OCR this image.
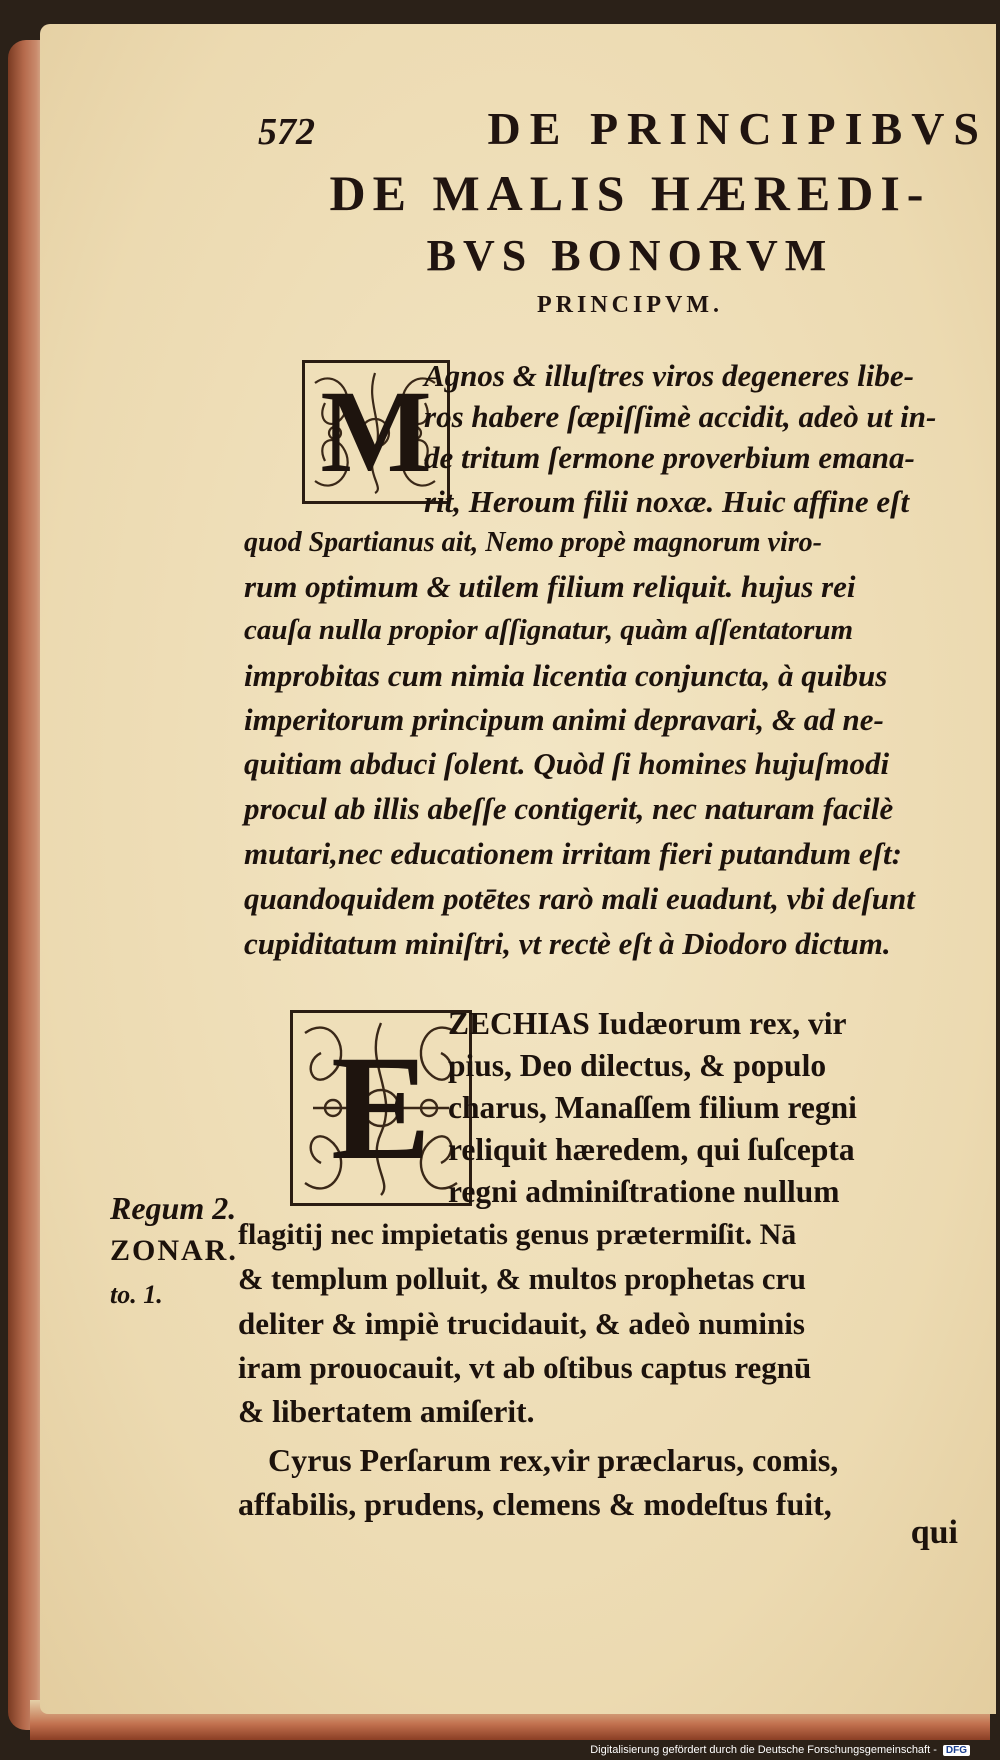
572	DE PRINCIPIBVS
DE MALIS HÆREDI-
BVS BONORVM
PRINCIPVM.
M
Agnos & illuſtres viros degeneres libe-
ros habere ſæpiſſimè accidit, adeò ut in-
de tritum ſermone proverbium emana-
rit, Heroum filii noxæ. Huic affine eſt
quod Spartianus ait, Nemo propè magnorum viro-
rum optimum & utilem filium reliquit. hujus rei
cauſa nulla propior aſſignatur, quàm aſſentatorum
improbitas cum nimia licentia conjuncta, à quibus
imperitorum principum animi depravari, & ad ne-
quitiam abduci ſolent. Quòd ſi homines hujuſmodi
procul ab illis abeſſe contigerit, nec naturam facilè
mutari,nec educationem irritam fieri putandum eſt:
quandoquidem potētes rarò mali euadunt, vbi deſunt
cupiditatum miniſtri, vt rectè eſt à Diodoro dictum.
E
ZECHIAS Iudæorum rex, vir
pius, Deo dilectus, & populo
charus, Manaſſem filium regni
reliquit hæredem, qui ſuſcepta
regni adminiſtratione nullum
flagitij nec impietatis genus prætermiſit. Nā
& templum polluit, & multos prophetas cru
deliter & impiè trucidauit, & adeò numinis
iram prouocauit, vt ab oſtibus captus regnū
& libertatem amiſerit.
Cyrus Perſarum rex,vir præclarus, comis,
affabilis, prudens, clemens & modeſtus fuit,
qui
Regum 2.
ZONAR.
to. 1.
Digitalisierung gefördert durch die Deutsche Forschungsgemeinschaft - DFG
